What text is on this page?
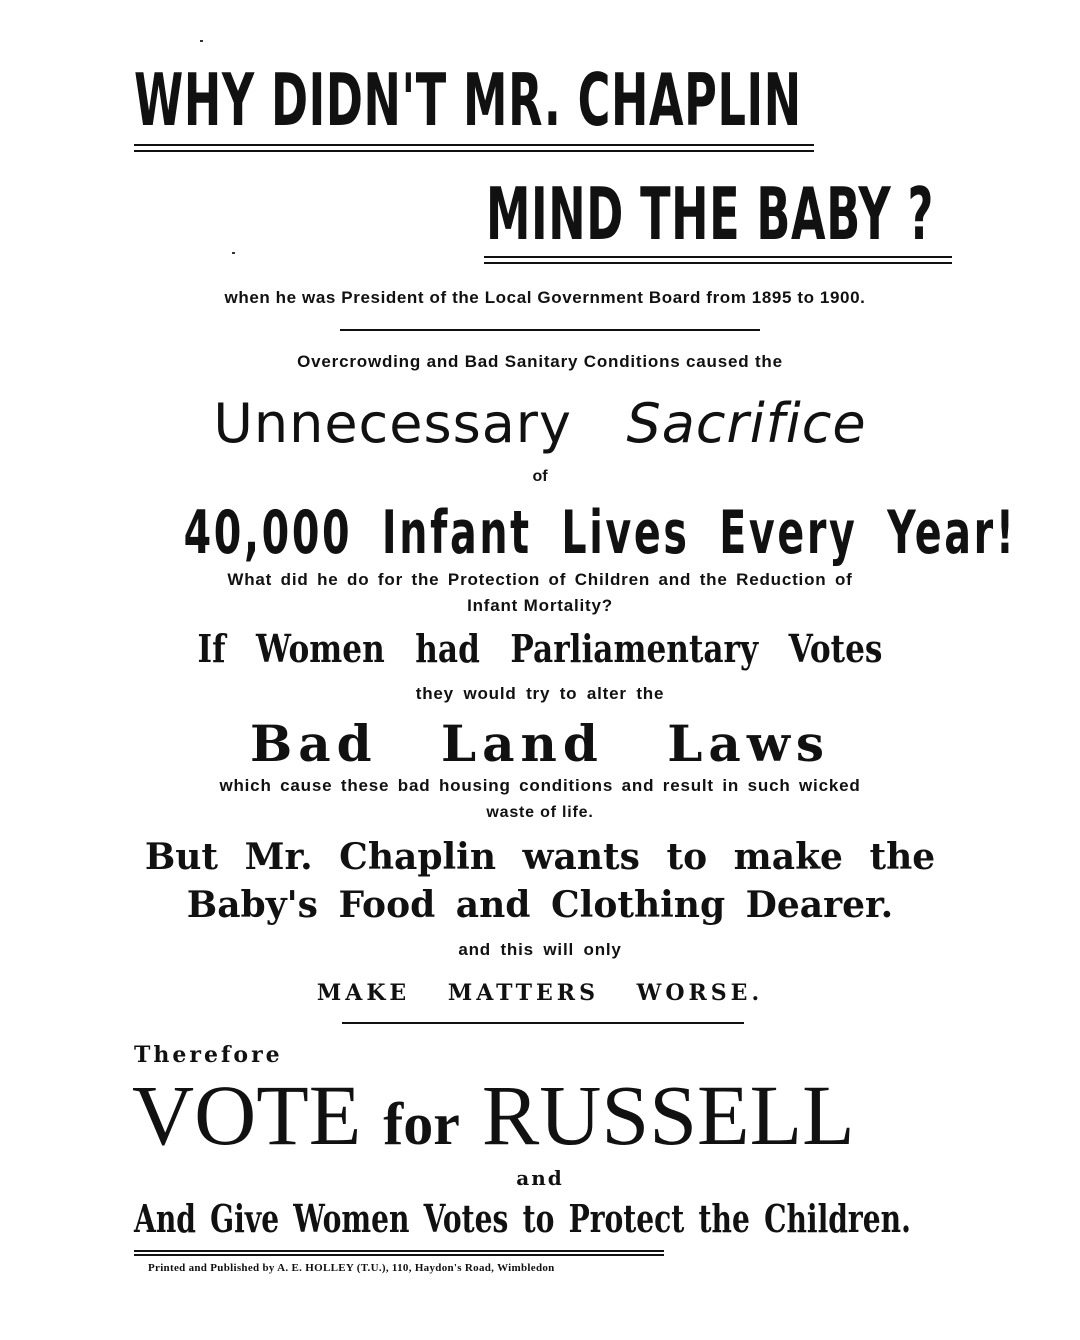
WHY DIDN'T MR. CHAPLIN
MIND THE BABY ?
when he was President of the Local Government Board from 1895 to 1900.
Overcrowding and Bad Sanitary Conditions caused the
Unnecessary Sacrifice
of
40,000 Infant Lives Every Year!
What did he do for the Protection of Children and the Reduction of
Infant Mortality?
If Women had Parliamentary Votes
they would try to alter the
Bad Land Laws
which cause these bad housing conditions and result in such wicked
waste of life.
But Mr. Chaplin wants to make the
Baby's Food and Clothing Dearer.
and this will only
MAKE MATTERS WORSE.
Therefore
VOTE for RUSSELL
and
And Give Women Votes to Protect the Children.
Printed and Published by A. E. HOLLEY (T.U.), 110, Haydon's Road, Wimbledon
